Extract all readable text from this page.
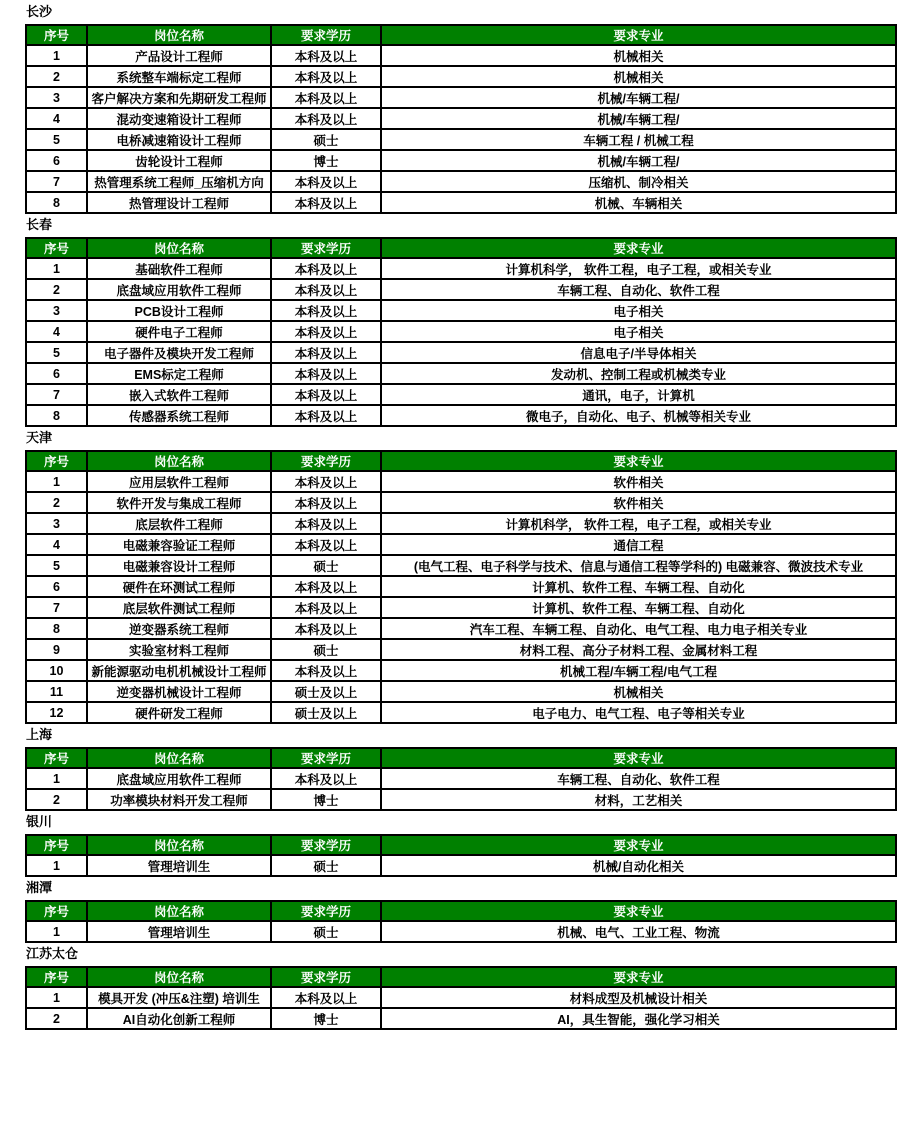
长沙
序号	岗位名称	要求学历	要求专业
1	产品设计工程师	本科及以上	机械相关
2	系统整车端标定工程师	本科及以上	机械相关
3	客户解决方案和先期研发工程师	本科及以上	机械/车辆工程/
4	混动变速箱设计工程师	本科及以上	机械/车辆工程/
5	电桥减速箱设计工程师	硕士	车辆工程 / 机械工程
6	齿轮设计工程师	博士	机械/车辆工程/
7	热管理系统工程师_压缩机方向	本科及以上	压缩机、制冷相关
8	热管理设计工程师	本科及以上	机械、车辆相关
长春
序号	岗位名称	要求学历	要求专业
1	基础软件工程师	本科及以上	计算机科学， 软件工程，电子工程，或相关专业
2	底盘域应用软件工程师	本科及以上	车辆工程、自动化、软件工程
3	PCB设计工程师	本科及以上	电子相关
4	硬件电子工程师	本科及以上	电子相关
5	电子器件及模块开发工程师	本科及以上	信息电子/半导体相关
6	EMS标定工程师	本科及以上	发动机、控制工程或机械类专业
7	嵌入式软件工程师	本科及以上	通讯，电子，计算机
8	传感器系统工程师	本科及以上	微电子，自动化、电子、机械等相关专业
天津
序号	岗位名称	要求学历	要求专业
1	应用层软件工程师	本科及以上	软件相关
2	软件开发与集成工程师	本科及以上	软件相关
3	底层软件工程师	本科及以上	计算机科学， 软件工程，电子工程，或相关专业
4	电磁兼容验证工程师	本科及以上	通信工程
5	电磁兼容设计工程师	硕士	(电气工程、电子科学与技术、信息与通信工程等学科的) 电磁兼容、微波技术专业
6	硬件在环测试工程师	本科及以上	计算机、软件工程、车辆工程、自动化
7	底层软件测试工程师	本科及以上	计算机、软件工程、车辆工程、自动化
8	逆变器系统工程师	本科及以上	汽车工程、车辆工程、自动化、电气工程、电力电子相关专业
9	实验室材料工程师	硕士	材料工程、高分子材料工程、金属材料工程
10	新能源驱动电机机械设计工程师	本科及以上	机械工程/车辆工程/电气工程
11	逆变器机械设计工程师	硕士及以上	机械相关
12	硬件研发工程师	硕士及以上	电子电力、电气工程、电子等相关专业
上海
序号	岗位名称	要求学历	要求专业
1	底盘域应用软件工程师	本科及以上	车辆工程、自动化、软件工程
2	功率模块材料开发工程师	博士	材料，工艺相关
银川
序号	岗位名称	要求学历	要求专业
1	管理培训生	硕士	机械/自动化相关
湘潭
序号	岗位名称	要求学历	要求专业
1	管理培训生	硕士	机械、电气、工业工程、物流
江苏太仓
序号	岗位名称	要求学历	要求专业
1	模具开发 (冲压&注塑) 培训生	本科及以上	材料成型及机械设计相关
2	AI自动化创新工程师	博士	AI，具生智能，强化学习相关
